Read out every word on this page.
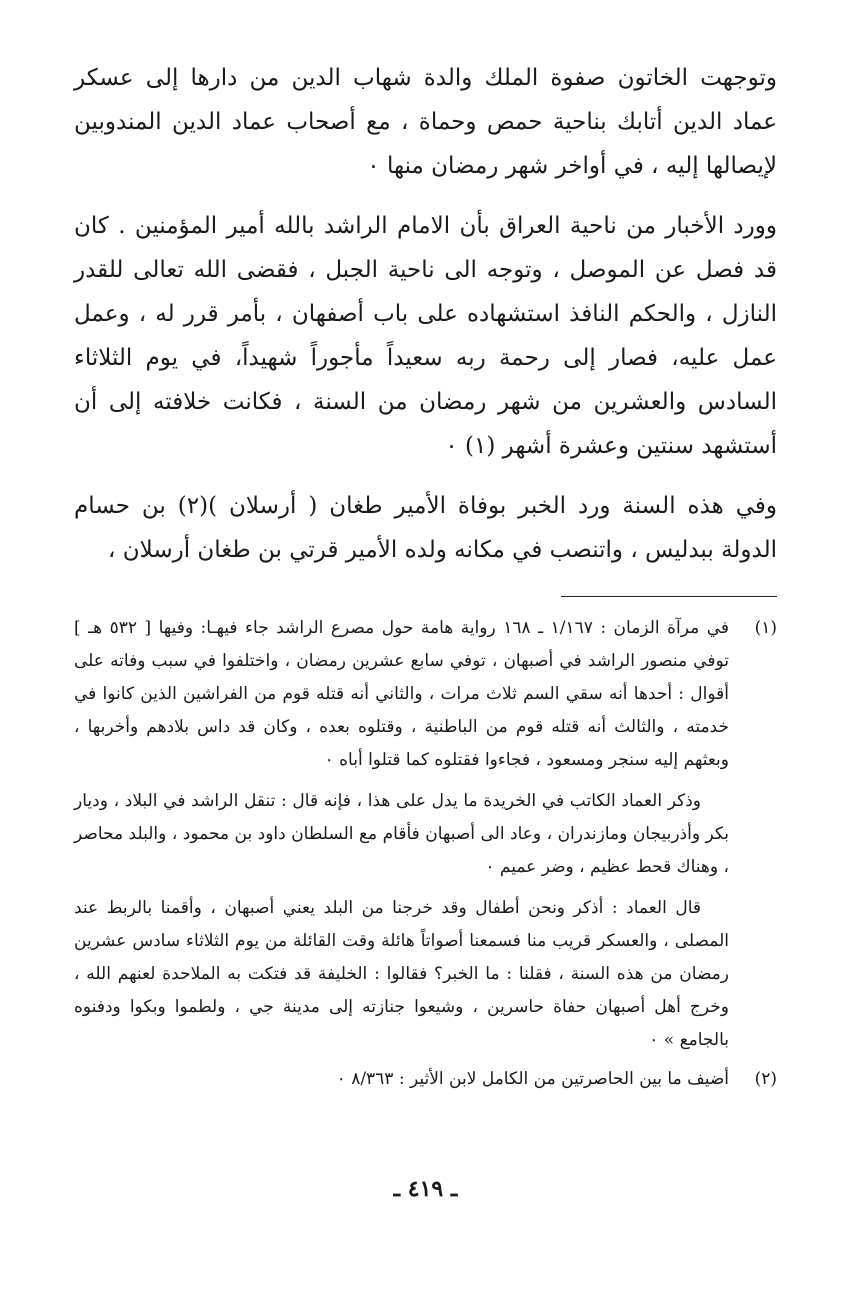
وتوجهت الخاتون صفوة الملك والدة شهاب الدين من دارها إلى عسكر عماد الدين أتابك بناحية حمص وحماة ، مع أصحاب عماد الدين المندوبين لإيصالها إليه ، في أواخر شهر رمضان منها ٠

وورد الأخبار من ناحية العراق بأن الامام الراشد بالله أمير المؤمنين . كان قد فصل عن الموصل ، وتوجه الى ناحية الجبل ، فقضى الله تعالى للقدر النازل ، والحكم النافذ استشهاده على باب أصفهان ، بأمر قرر له ، وعمل عمل عليه، فصار إلى رحمة ربه سعيداً مأجوراً شهيداً، في يوم الثلاثاء السادس والعشرين من شهر رمضان من السنة ، فكانت خلافته إلى أن أستشهد سنتين وعشرة أشهر (١) ٠

وفي هذه السنة ورد الخبر بوفاة الأمير طغان ( أرسلان )(٢) بن حسام الدولة ببدليس ، واتنصب في مكانه ولده الأمير قرتي بن طغان أرسلان ،

(١)

في مرآة الزمان : ١/١٦٧ ـ ١٦٨ رواية هامة حول مصرع الراشد جاء فيهـا: وفيها [ ٥٣٢ هـ ] توفي منصور الراشد في أصبهان ، توفي سابع عشرين رمضان ، واختلفوا في سبب وفاته على أقوال : أحدها أنه سقي السم ثلاث مرات ، والثاني أنه قتله قوم من الفراشين الذين كانوا في خدمته ، والثالث أنه قتله قوم من الباطنية ، وقتلوه بعده ، وكان قد داس بلادهم وأخربها ، وبعثهم إليه سنجر ومسعود ، فجاءوا فقتلوه كما قتلوا أباه ٠

وذكر العماد الكاتب في الخريدة ما يدل على هذا ، فإنه قال : تنقل الراشد في البلاد ، وديار بكر وأذربيجان ومازندران ، وعاد الى أصبهان فأقام مع السلطان داود بن محمود ، والبلد محاصر ، وهناك قحط عظيم ، وضر عميم ٠

قال العماد : أذكر ونحن أطفال وقد خرجنا من البلد يعني أصبهان ، وأقمنا بالربط عند المصلى ، والعسكر قريب منا فسمعنا أصواتاً هائلة وقت القائلة من يوم الثلاثاء سادس عشرين رمضان من هذه السنة ، فقلنا : ما الخبر؟ فقالوا : الخليفة قد فتكت به الملاحدة لعنهم الله ، وخرج أهل أصبهان حفاة حاسرين ، وشيعوا جنازته إلى مدينة جي ، ولطموا وبكوا ودفنوه بالجامع » ٠

(٢)

أضيف ما بين الحاصرتين من الكامل لابن الأثير : ٨/٣٦٣ ٠

ـ ٤١٩ ـ
